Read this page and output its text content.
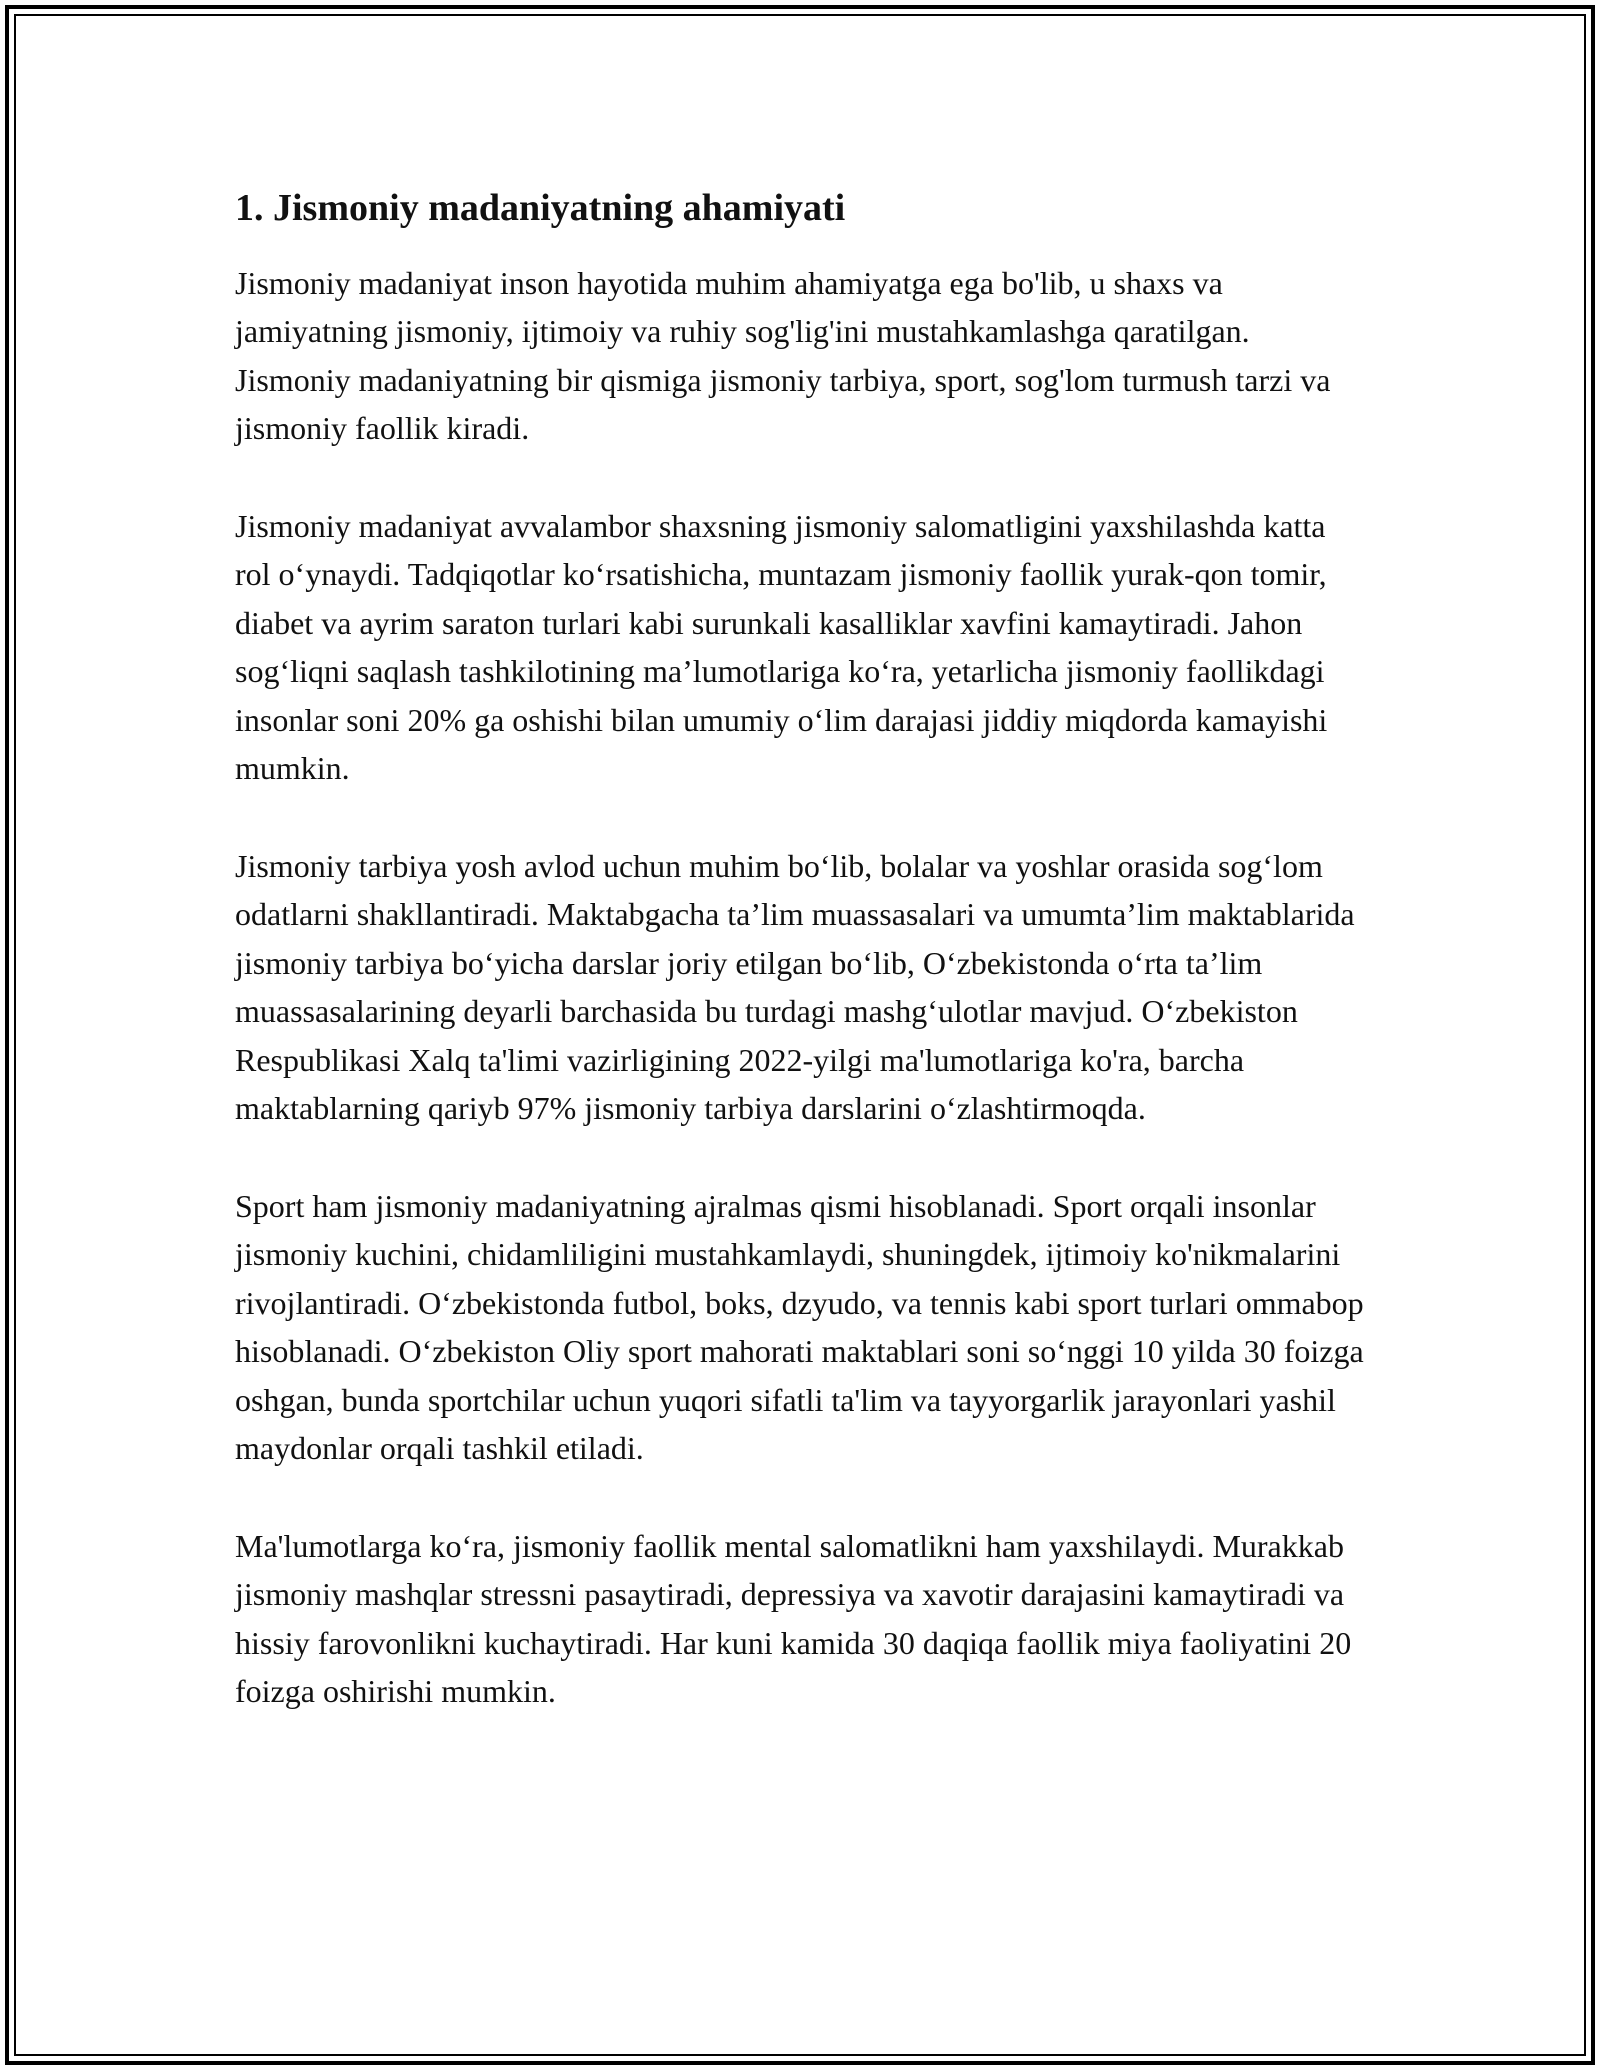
1. Jismoniy madaniyatning ahamiyati

Jismoniy madaniyat inson hayotida muhim ahamiyatga ega bo'lib, u shaxs va jamiyatning jismoniy, ijtimoiy va ruhiy sog'lig'ini mustahkamlashga qaratilgan. Jismoniy madaniyatning bir qismiga jismoniy tarbiya, sport, sog'lom turmush tarzi va jismoniy faollik kiradi.

Jismoniy madaniyat avvalambor shaxsning jismoniy salomatligini yaxshilashda katta rol oʻynaydi. Tadqiqotlar koʻrsatishicha, muntazam jismoniy faollik yurak-qon tomir, diabet va ayrim saraton turlari kabi surunkali kasalliklar xavfini kamaytiradi. Jahon sogʻliqni saqlash tashkilotining maʼlumotlariga koʻra, yetarlicha jismoniy faollikdagi insonlar soni 20% ga oshishi bilan umumiy oʻlim darajasi jiddiy miqdorda kamayishi mumkin.

Jismoniy tarbiya yosh avlod uchun muhim boʻlib, bolalar va yoshlar orasida sogʻlom odatlarni shakllantiradi. Maktabgacha taʼlim muassasalari va umumtaʼlim maktablarida jismoniy tarbiya boʻyicha darslar joriy etilgan boʻlib, Oʻzbekistonda oʻrta taʼlim muassasalarining deyarli barchasida bu turdagi mashgʻulotlar mavjud. Oʻzbekiston Respublikasi Xalq ta'limi vazirligining 2022-yilgi ma'lumotlariga ko'ra, barcha maktablarning qariyb 97% jismoniy tarbiya darslarini oʻzlashtirmoqda.

Sport ham jismoniy madaniyatning ajralmas qismi hisoblanadi. Sport orqali insonlar jismoniy kuchini, chidamliligini mustahkamlaydi, shuningdek, ijtimoiy ko'nikmalarini rivojlantiradi. Oʻzbekistonda futbol, boks, dzyudo, va tennis kabi sport turlari ommabop hisoblanadi. Oʻzbekiston Oliy sport mahorati maktablari soni soʻnggi 10 yilda 30 foizga oshgan, bunda sportchilar uchun yuqori sifatli ta'lim va tayyorgarlik jarayonlari yashil maydonlar orqali tashkil etiladi.

Ma'lumotlarga koʻra, jismoniy faollik mental salomatlikni ham yaxshilaydi. Murakkab jismoniy mashqlar stressni pasaytiradi, depressiya va xavotir darajasini kamaytiradi va hissiy farovonlikni kuchaytiradi. Har kuni kamida 30 daqiqa faollik miya faoliyatini 20 foizga oshirishi mumkin.
